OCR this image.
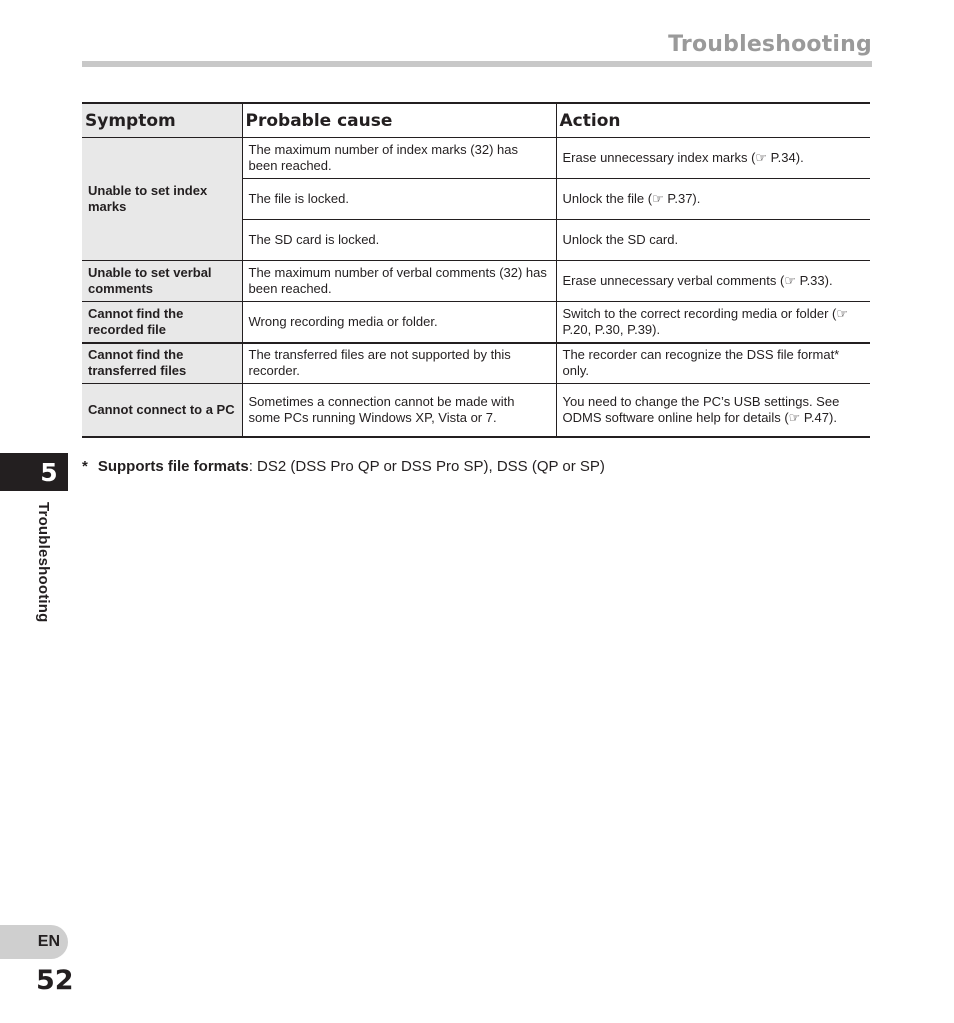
Troubleshooting
Symptom	Probable cause	Action
Unable to set index marks	The maximum number of index marks (32) has been reached.	Erase unnecessary index marks (☞ P.34).
	The file is locked.	Unlock the file (☞ P.37).
	The SD card is locked.	Unlock the SD card.
Unable to set verbal comments	The maximum number of verbal comments (32) has been reached.	Erase unnecessary verbal comments (☞ P.33).
Cannot find the recorded file	Wrong recording media or folder.	Switch to the correct recording media or folder (☞ P.20, P.30, P.39).
Cannot find the transferred files	The transferred files are not supported by this recorder.	The recorder can recognize the DSS file format* only.
Cannot connect to a PC	Sometimes a connection cannot be made with some PCs running Windows XP, Vista or 7.	You need to change the PC’s USB settings. See ODMS software online help for details (☞ P.47).
* Supports file formats: DS2 (DSS Pro QP or DSS Pro SP), DSS (QP or SP)
5
Troubleshooting
EN
52
